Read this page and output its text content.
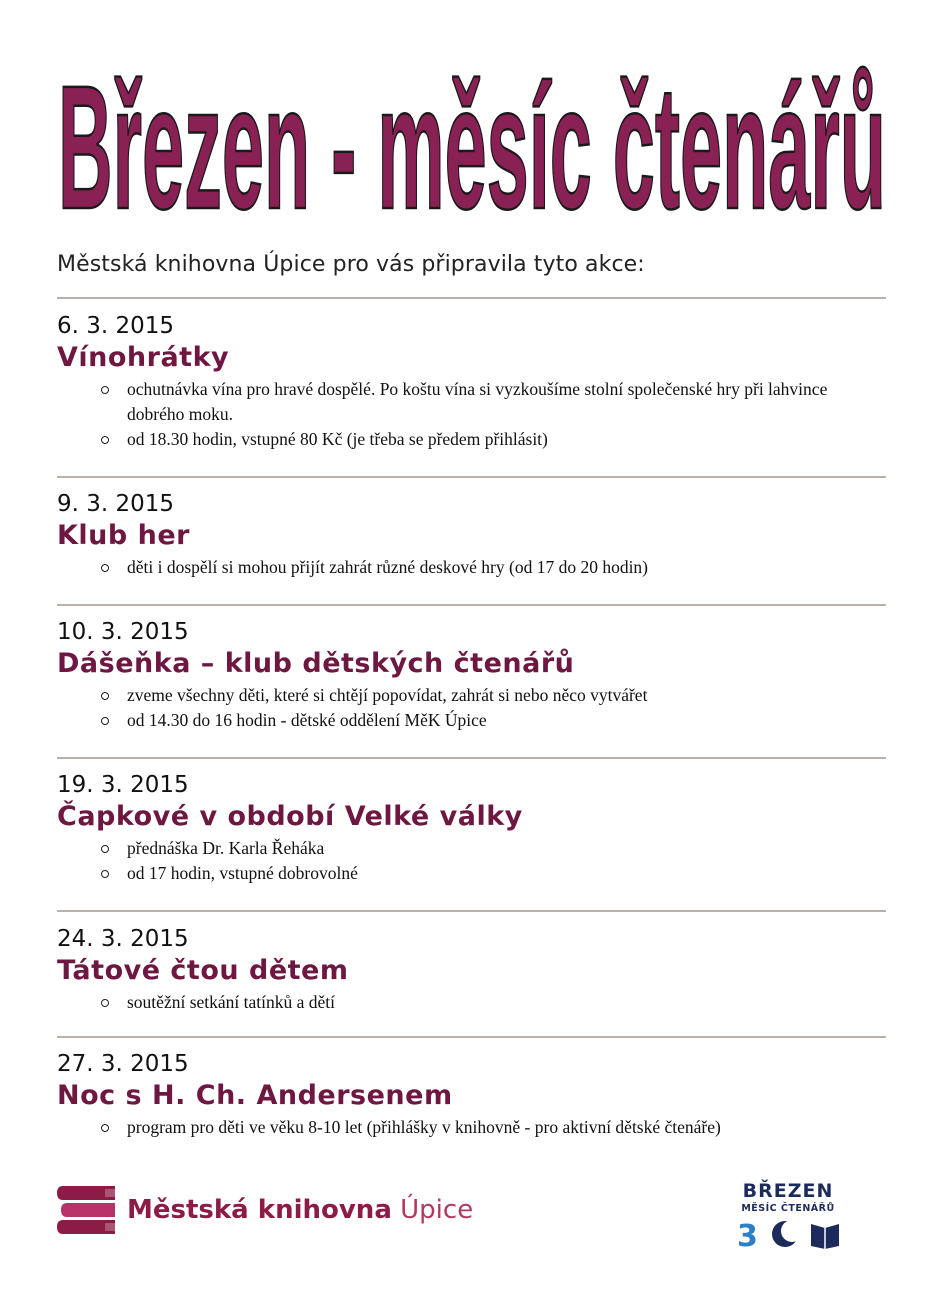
Březen - měsíc čtenářů
Městská knihovna Úpice pro vás připravila tyto akce:

6. 3. 2015

Vínohrátky

ochutnávka vína pro hravé dospělé. Po koštu vína si vyzkoušíme stolní společenské hry při lahvince dobrého moku.
od 18.30 hodin, vstupné 80 Kč (je třeba se předem přihlásit)

9. 3. 2015

Klub her

děti i dospělí si mohou přijít zahrát různé deskové hry (od 17 do 20 hodin)

10. 3. 2015

Dášeňka – klub dětských čtenářů

zveme všechny děti, které si chtějí popovídat, zahrát si nebo něco vytvářet
od 14.30 do 16 hodin - dětské oddělení MěK Úpice

19. 3. 2015

Čapkové v období Velké války

přednáška Dr. Karla Řeháka
od 17 hodin, vstupné dobrovolné

24. 3. 2015

Tátové čtou dětem

soutěžní setkání tatínků a dětí

27. 3. 2015

Noc s H. Ch. Andersenem

program pro děti ve věku 8-10 let (přihlášky v knihovně - pro aktivní dětské čtenáře)
Městská knihovna Úpice
BŘEZEN
MĚSÍC ČTENÁŘŮ
3
